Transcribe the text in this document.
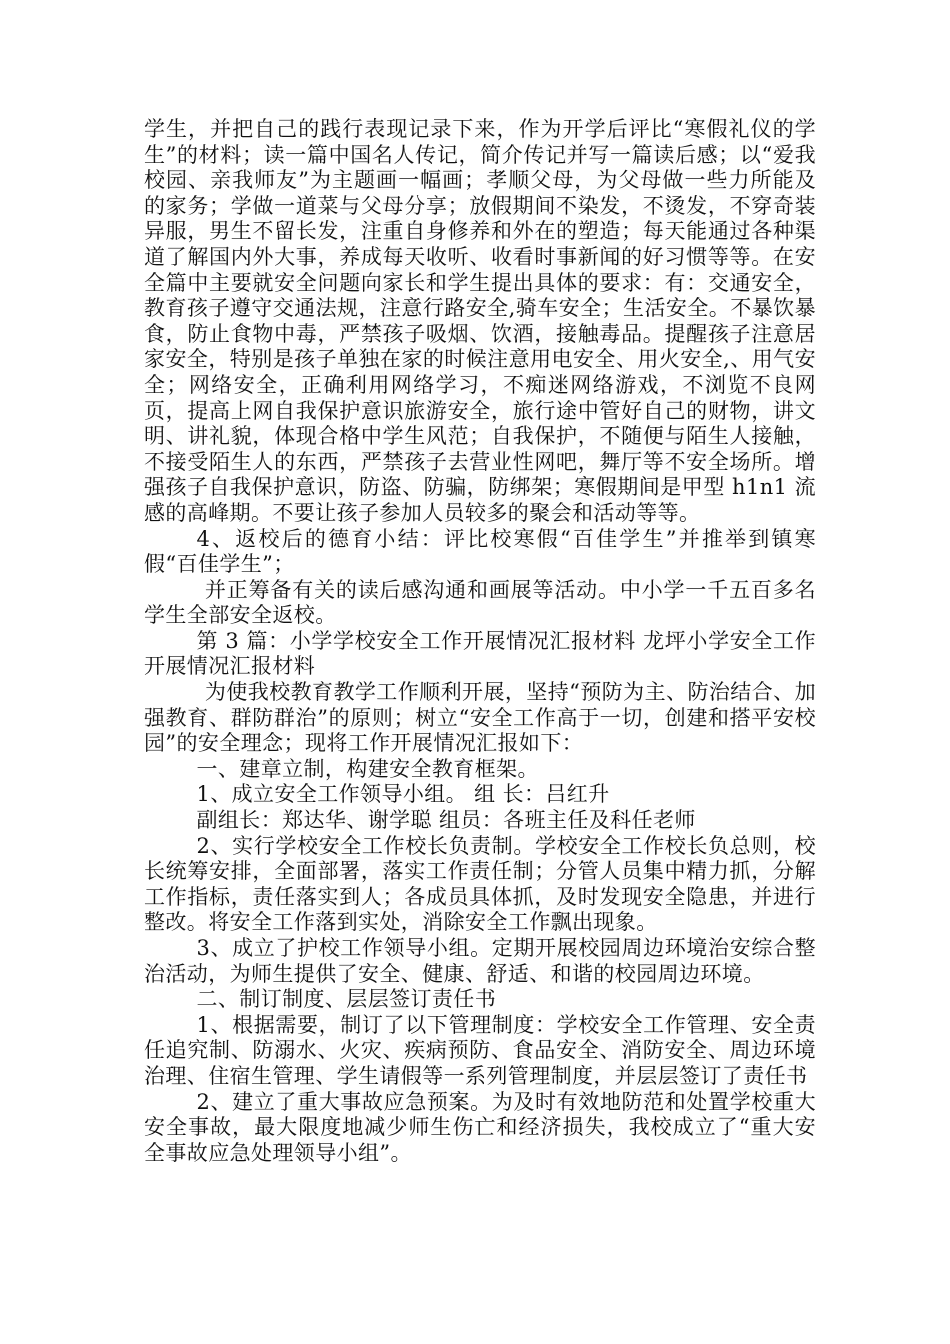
学生，并把自己的践行表现记录下来，作为开学后评比“寒假礼仪的学生”的材料；读一篇中国名人传记，简介传记并写一篇读后感；以“爱我校园、亲我师友”为主题画一幅画；孝顺父母，为父母做一些力所能及的家务；学做一道菜与父母分享；放假期间不染发，不烫发，不穿奇装异服，男生不留长发，注重自身修养和外在的塑造；每天能通过各种渠道了解国内外大事，养成每天收听、收看时事新闻的好习惯等等。在安全篇中主要就安全问题向家长和学生提出具体的要求：有：交通安全，教育孩子遵守交通法规，注意行路安全,骑车安全；生活安全。不暴饮暴食，防止食物中毒，严禁孩子吸烟、饮酒，接触毒品。提醒孩子注意居家安全，特别是孩子单独在家的时候注意用电安全、用火安全,、用气安全；网络安全，正确利用网络学习，不痴迷网络游戏，不浏览不良网页，提高上网自我保护意识旅游安全，旅行途中管好自己的财物，讲文明、讲礼貌，体现合格中学生风范；自我保护，不随便与陌生人接触，不接受陌生人的东西，严禁孩子去营业性网吧，舞厅等不安全场所。增强孩子自我保护意识，防盗、防骗，防绑架；寒假期间是甲型 h1n1 流感的高峰期。不要让孩子参加人员较多的聚会和活动等等。

4、返校后的德育小结：评比校寒假“百佳学生”并推举到镇寒假“百佳学生”；

并正筹备有关的读后感沟通和画展等活动。中小学一千五百多名学生全部安全返校。

第 3 篇：小学学校安全工作开展情况汇报材料 龙坪小学安全工作开展情况汇报材料

为使我校教育教学工作顺利开展，坚持“预防为主、防治结合、加强教育、群防群治”的原则；树立“安全工作高于一切，创建和搭平安校园”的安全理念；现将工作开展情况汇报如下：

一、建章立制，构建安全教育框架。

1、成立安全工作领导小组。 组 长：吕红升

副组长：郑达华、谢学聪 组员：各班主任及科任老师

2、实行学校安全工作校长负责制。学校安全工作校长负总则，校长统筹安排，全面部署，落实工作责任制；分管人员集中精力抓，分解工作指标，责任落实到人；各成员具体抓，及时发现安全隐患，并进行整改。将安全工作落到实处，消除安全工作飘出现象。

3、成立了护校工作领导小组。定期开展校园周边环境治安综合整治活动，为师生提供了安全、健康、舒适、和谐的校园周边环境。

二、制订制度、层层签订责任书

1、根据需要，制订了以下管理制度：学校安全工作管理、安全责任追究制、防溺水、火灾、疾病预防、食品安全、消防安全、周边环境治理、住宿生管理、学生请假等一系列管理制度，并层层签订了责任书

2、建立了重大事故应急预案。为及时有效地防范和处置学校重大安全事故，最大限度地减少师生伤亡和经济损失，我校成立了“重大安全事故应急处理领导小组”。
